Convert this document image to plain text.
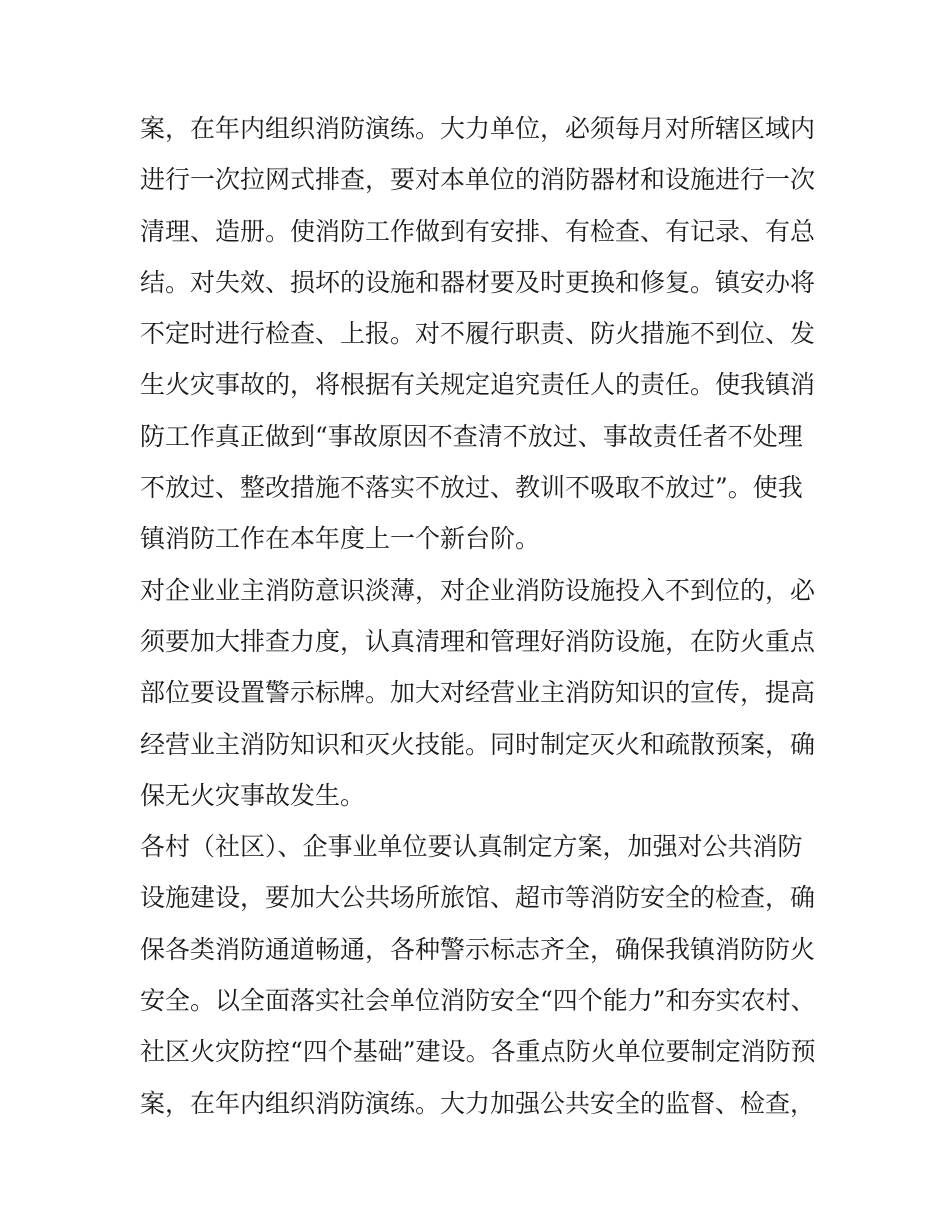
案，在年内组织消防演练。大力单位，必须每月对所辖区域内
进行一次拉网式排查，要对本单位的消防器材和设施进行一次
清理、造册。使消防工作做到有安排、有检查、有记录、有总
结。对失效、损坏的设施和器材要及时更换和修复。镇安办将
不定时进行检查、上报。对不履行职责、防火措施不到位、发
生火灾事故的，将根据有关规定追究责任人的责任。使我镇消
防工作真正做到“事故原因不查清不放过、事故责任者不处理
不放过、整改措施不落实不放过、教训不吸取不放过”。使我
镇消防工作在本年度上一个新台阶。
对企业业主消防意识淡薄，对企业消防设施投入不到位的，必
须要加大排查力度，认真清理和管理好消防设施，在防火重点
部位要设置警示标牌。加大对经营业主消防知识的宣传，提高
经营业主消防知识和灭火技能。同时制定灭火和疏散预案，确
保无火灾事故发生。
各村（社区）、企事业单位要认真制定方案，加强对公共消防
设施建设，要加大公共场所旅馆、超市等消防安全的检查，确
保各类消防通道畅通，各种警示标志齐全，确保我镇消防防火
安全。以全面落实社会单位消防安全“四个能力”和夯实农村、
社区火灾防控“四个基础”建设。各重点防火单位要制定消防预
案，在年内组织消防演练。大力加强公共安全的监督、检查，
